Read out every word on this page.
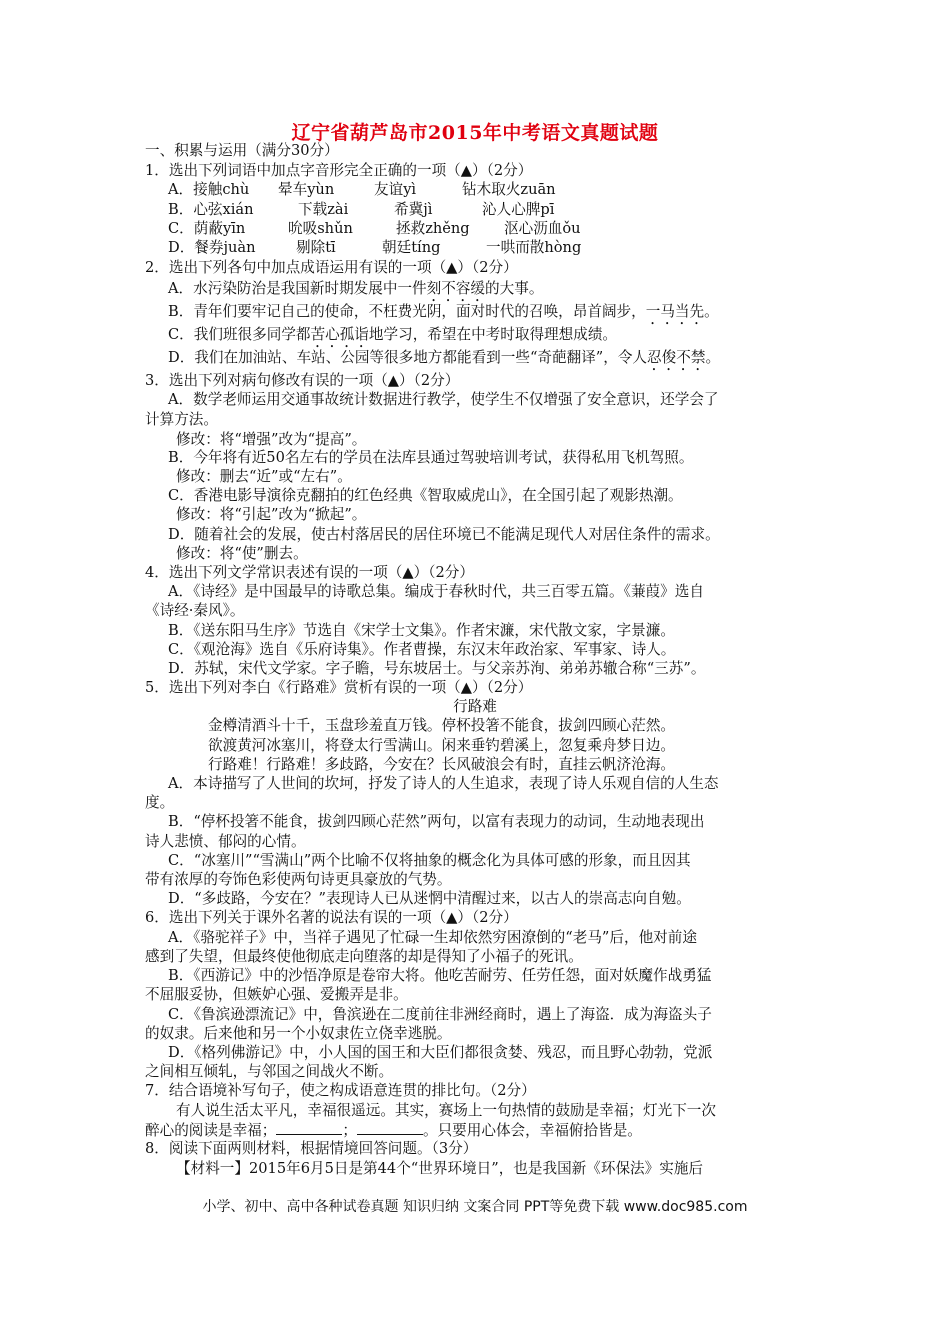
辽宁省葫芦岛市2015年中考语文真题试题
一、积累与运用（满分30分）
1．选出下列词语中加点字音形完全正确的一项（▲）（2分）
A．接触chù 晕车yùn	友谊yì	钻木取火zuān
B．心弦xián	下载zài	希冀jì	沁人心脾pī
C．荫蔽yīn	吮吸shǔn	拯救zhěng 沤心沥血ǒu
D．餐券juàn	剔除tī	朝廷tíng	一哄而散hòng
2．选出下列各句中加点成语运用有误的一项（▲）（2分）
A．水污染防治是我国新时期发展中一件刻不容缓的大事。
B．青年们要牢记自己的使命，不枉费光阴，面对时代的召唤，昂首阔步，一马当先。
C．我们班很多同学都苦心孤诣地学习，希望在中考时取得理想成绩。
D．我们在加油站、车站、公园等很多地方都能看到一些“奇葩翻译”，令人忍俊不禁。
3．选出下列对病句修改有误的一项（▲）（2分）
A．数学老师运用交通事故统计数据进行教学，使学生不仅增强了安全意识，还学会了
计算方法。
修改：将“增强”改为“提高”。
B．今年将有近50名左右的学员在法库县通过驾驶培训考试，获得私用飞机驾照。
修改：删去“近”或“左右”。
C．香港电影导演徐克翻拍的红色经典《智取威虎山》，在全国引起了观影热潮。
修改：将“引起”改为“掀起”。
D．随着社会的发展，使古村落居民的居住环境已不能满足现代人对居住条件的需求。
修改：将“使”删去。
4．选出下列文学常识表述有误的一项（▲）（2分）
A．《诗经》是中国最早的诗歌总集。编成于春秋时代，共三百零五篇。《蒹葭》选自
《诗经·秦风》。
B．《送东阳马生序》节选自《宋学士文集》。作者宋濂，宋代散文家，字景濂。
C．《观沧海》选自《乐府诗集》。作者曹操，东汉末年政治家、军事家、诗人。
D．苏轼，宋代文学家。字子瞻，号东坡居士。与父亲苏洵、弟弟苏辙合称“三苏”。
5．选出下列对李白《行路难》赏析有误的一项（▲）（2分）
行路难
金樽清酒斗十千，玉盘珍羞直万钱。停杯投箸不能食，拔剑四顾心茫然。
欲渡黄河冰塞川，将登太行雪满山。闲来垂钓碧溪上，忽复乘舟梦日边。
行路难！行路难！多歧路，今安在？长风破浪会有时，直挂云帆济沧海。
A．本诗描写了人世间的坎坷，抒发了诗人的人生追求，表现了诗人乐观自信的人生态
度。
B．“停杯投箸不能食，拔剑四顾心茫然”两句，以富有表现力的动词，生动地表现出
诗人悲愤、郁闷的心情。
C．“冰塞川”“雪满山”两个比喻不仅将抽象的概念化为具体可感的形象，而且因其
带有浓厚的夸饰色彩使两句诗更具豪放的气势。
D．“多歧路，今安在？”表现诗人已从迷惘中清醒过来，以古人的崇高志向自勉。
6．选出下列关于课外名著的说法有误的一项（▲）（2分）
A．《骆驼祥子》中，当祥子遇见了忙碌一生却依然穷困潦倒的“老马”后，他对前途
感到了失望，但最终使他彻底走向堕落的却是得知了小福子的死讯。
B．《西游记》中的沙悟净原是卷帘大将。他吃苦耐劳、任劳任怨，面对妖魔作战勇猛
不屈服妥协，但嫉妒心强、爱搬弄是非。
C．《鲁滨逊漂流记》中，鲁滨逊在二度前往非洲经商时，遇上了海盗．成为海盗头子
的奴隶。后来他和另一个小奴隶佐立侥幸逃脱。
D．《格列佛游记》中，小人国的国王和大臣们都很贪婪、残忍，而且野心勃勃，党派
之间相互倾轧，与邻国之间战火不断。
7．结合语境补写句子，使之构成语意连贯的排比句。（2分）
有人说生活太平凡，幸福很遥远。其实，赛场上一句热情的鼓励是幸福；灯光下一次
醉心的阅读是幸福；	；	。只要用心体会，幸福俯拾皆是。
8．阅读下面两则材料，根据情境回答问题。（3分）
【材料一】2015年6月5日是第44个“世界环境日”，也是我国新《环保法》实施后
小学、初中、高中各种试卷真题 知识归纳 文案合同 PPT等免费下载 www.doc985.com
